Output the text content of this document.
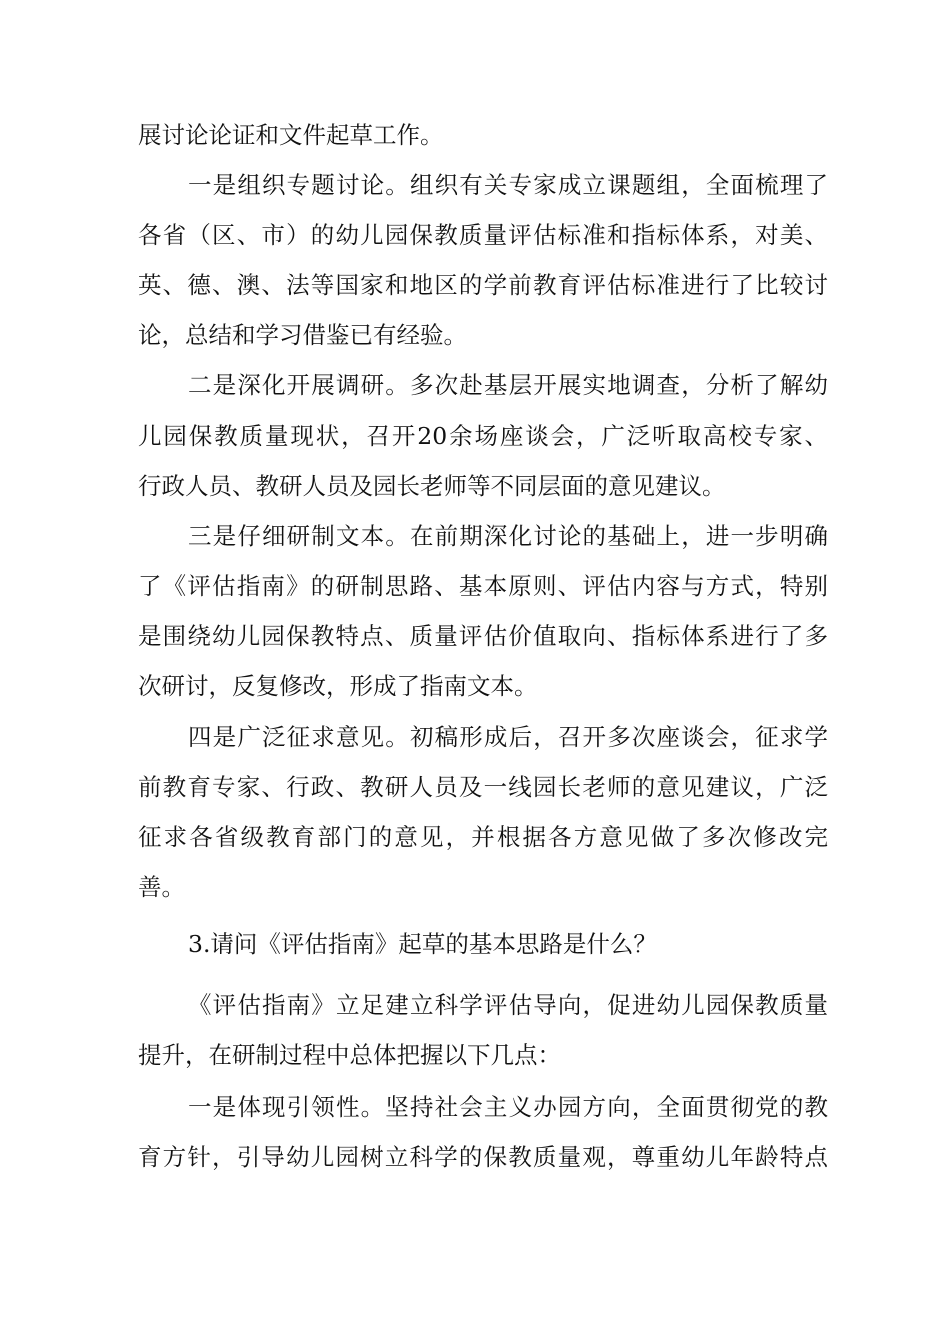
展讨论论证和文件起草工作。
一是组织专题讨论。组织有关专家成立课题组，全面梳理了
各省（区、市）的幼儿园保教质量评估标准和指标体系，对美、
英、德、澳、法等国家和地区的学前教育评估标准进行了比较讨
论，总结和学习借鉴已有经验。
二是深化开展调研。多次赴基层开展实地调查，分析了解幼
儿园保教质量现状，召开20余场座谈会，广泛听取高校专家、
行政人员、教研人员及园长老师等不同层面的意见建议。
三是仔细研制文本。在前期深化讨论的基础上，进一步明确
了《评估指南》的研制思路、基本原则、评估内容与方式，特别
是围绕幼儿园保教特点、质量评估价值取向、指标体系进行了多
次研讨，反复修改，形成了指南文本。
四是广泛征求意见。初稿形成后，召开多次座谈会，征求学
前教育专家、行政、教研人员及一线园长老师的意见建议，广泛
征求各省级教育部门的意见，并根据各方意见做了多次修改完
善。
3.请问《评估指南》起草的基本思路是什么？
《评估指南》立足建立科学评估导向，促进幼儿园保教质量
提升，在研制过程中总体把握以下几点：
一是体现引领性。坚持社会主义办园方向，全面贯彻党的教
育方针，引导幼儿园树立科学的保教质量观，尊重幼儿年龄特点
